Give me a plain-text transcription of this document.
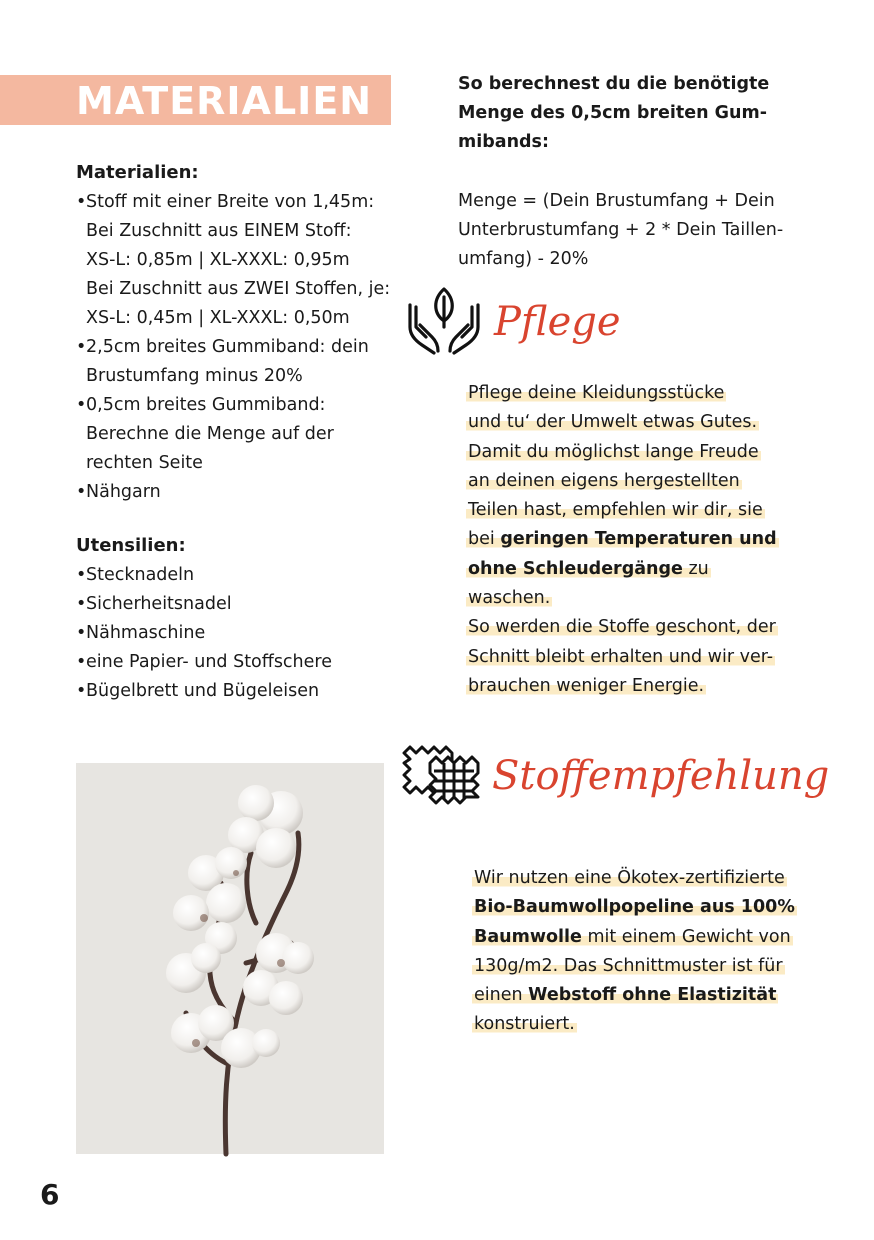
MATERIALIEN
Materialien:
• Stoff mit einer Breite von 1,45m:
Bei Zuschnitt aus EINEM Stoff:
XS-L: 0,85m | XL-XXXL: 0,95m
Bei Zuschnitt aus ZWEI Stoffen, je:
XS-L: 0,45m | XL-XXXL: 0,50m
• 2,5cm breites Gummiband: dein
Brustumfang minus 20%
• 0,5cm breites Gummiband:
Berechne die Menge auf der
rechten Seite
• Nähgarn
Utensilien:
• Stecknadeln
• Sicherheitsnadel
• Nähmaschine
• eine Papier- und Stoffschere
• Bügelbrett und Bügeleisen
So berechnest du die benötigte
Menge des 0,5cm breiten Gum-
mibands:
Menge = (Dein Brustumfang + Dein
Unterbrustumfang + 2 * Dein Taillen-
umfang) - 20%
Pflege
Pflege deine Kleidungsstücke
und tu‘ der Umwelt etwas Gutes.
Damit du möglichst lange Freude
an deinen eigens hergestellten
Teilen hast, empfehlen wir dir, sie
bei geringen Temperaturen und
ohne Schleudergänge zu waschen.
So werden die Stoffe geschont, der
Schnitt bleibt erhalten und wir ver-
brauchen weniger Energie.
Stoffempfehlung
Wir nutzen eine Ökotex-zertifizierte
Bio-Baumwollpopeline aus 100%
Baumwolle mit einem Gewicht von
130g/m2. Das Schnittmuster ist für
einen Webstoff ohne Elastizität
konstruiert.
6
